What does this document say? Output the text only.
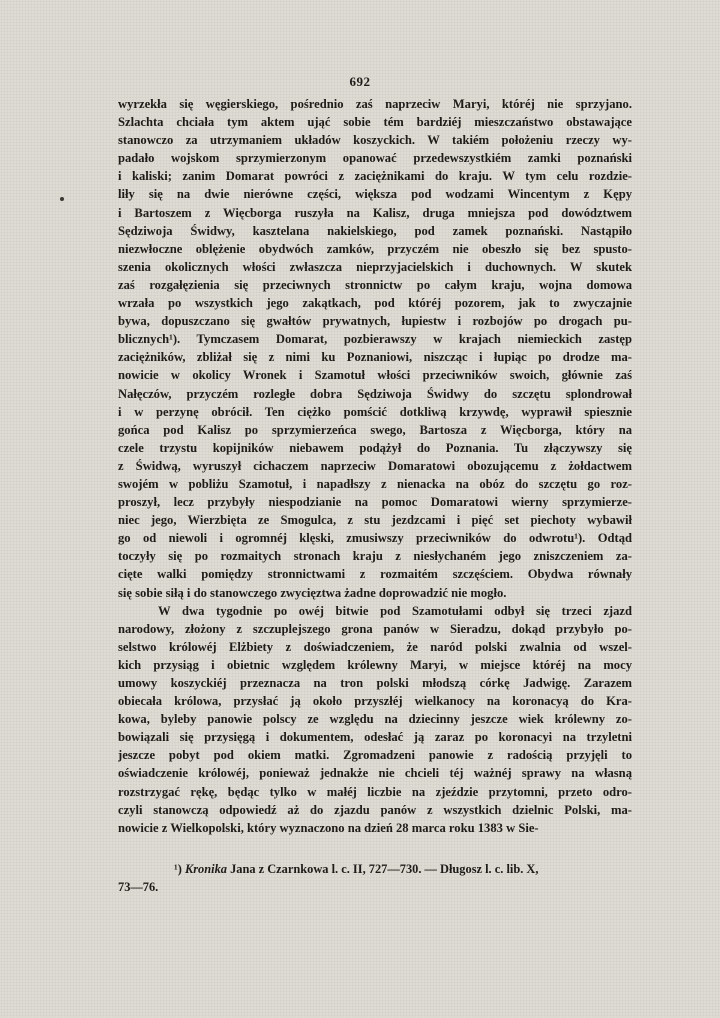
692
wyrzekła się węgierskiego, pośrednio zaś naprzeciw Maryi, któréj nie sprzyjano.
Szlachta chciała tym aktem ująć sobie tém bardziéj mieszczaństwo obstawające
stanowczo za utrzymaniem układów koszyckich. W takiém położeniu rzeczy wy-
padało wojskom sprzymierzonym opanować przedewszystkiém zamki poznański
i kaliski; zanim Domarat powróci z zaciężnikami do kraju. W tym celu rozdzie-
liły się na dwie nierówne części, większa pod wodzami Wincentym z Kępy
i Bartoszem z Więcborga ruszyła na Kalisz, druga mniejsza pod dowództwem
Sędziwoja Świdwy, kasztelana nakielskiego, pod zamek poznański. Nastąpiło
niezwłoczne oblężenie obydwóch zamków, przyczém nie obeszło się bez spusto-
szenia okolicznych włości zwłaszcza nieprzyjacielskich i duchownych. W skutek
zaś rozgałęzienia się przeciwnych stronnictw po całym kraju, wojna domowa
wrzała po wszystkich jego zakątkach, pod któréj pozorem, jak to zwyczajnie
bywa, dopuszczano się gwałtów prywatnych, łupiestw i rozbojów po drogach pu-
blicznych¹). Tymczasem Domarat, pozbierawszy w krajach niemieckich zastęp
zaciężników, zbliżał się z nimi ku Poznaniowi, niszcząc i łupiąc po drodze ma-
nowicie w okolicy Wronek i Szamotuł włości przeciwników swoich, głównie zaś
Nałęczów, przyczém rozległe dobra Sędziwoja Świdwy do szczętu splondrował
i w perzynę obrócił. Ten ciężko pomścić dotkliwą krzywdę, wyprawił spiesznie
gońca pod Kalisz po sprzymierzeńca swego, Bartosza z Więcborga, który na
czele trzystu kopijników niebawem podążył do Poznania. Tu złączywszy się
z Świdwą, wyruszył cichaczem naprzeciw Domaratowi obozującemu z żołdactwem
swojém w pobliżu Szamotuł, i napadłszy z nienacka na obóz do szczętu go roz-
proszył, lecz przybyły niespodzianie na pomoc Domaratowi wierny sprzymierze-
niec jego, Wierzbięta ze Smogulca, z stu jezdzcami i pięć set piechoty wybawił
go od niewoli i ogromnéj klęski, zmusiwszy przeciwników do odwrotu¹). Odtąd
toczyły się po rozmaitych stronach kraju z niesłychaném jego zniszczeniem za-
cięte walki pomiędzy stronnictwami z rozmaitém szczęściem. Obydwa równały
się sobie siłą i do stanowczego zwycięztwa żadne doprowadzić nie mogło.
W dwa tygodnie po owéj bitwie pod Szamotułami odbył się trzeci zjazd
narodowy, złożony z szczuplejszego grona panów w Sieradzu, dokąd przybyło po-
selstwo królowéj Elżbiety z doświadczeniem, że naród polski zwalnia od wszel-
kich przysiąg i obietnic względem królewny Maryi, w miejsce któréj na mocy
umowy koszyckiéj przeznacza na tron polski młodszą córkę Jadwigę. Zarazem
obiecała królowa, przysłać ją około przyszłéj wielkanocy na koronacyą do Kra-
kowa, byleby panowie polscy ze względu na dziecinny jeszcze wiek królewny zo-
bowiązali się przysięgą i dokumentem, odesłać ją zaraz po koronacyi na trzyletni
jeszcze pobyt pod okiem matki. Zgromadzeni panowie z radością przyjęli to
oświadczenie królowéj, ponieważ jednakże nie chcieli téj ważnéj sprawy na własną
rozstrzygać rękę, będąc tylko w małéj liczbie na zjeździe przytomni, przeto odro-
czyli stanowczą odpowiedź aż do zjazdu panów z wszystkich dzielnic Polski, ma-
nowicie z Wielkopolski, który wyznaczono na dzień 28 marca roku 1383 w Sie-
¹) Kronika Jana z Czarnkowa l. c. II, 727—730. — Długosz l. c. lib. X,
73—76.
